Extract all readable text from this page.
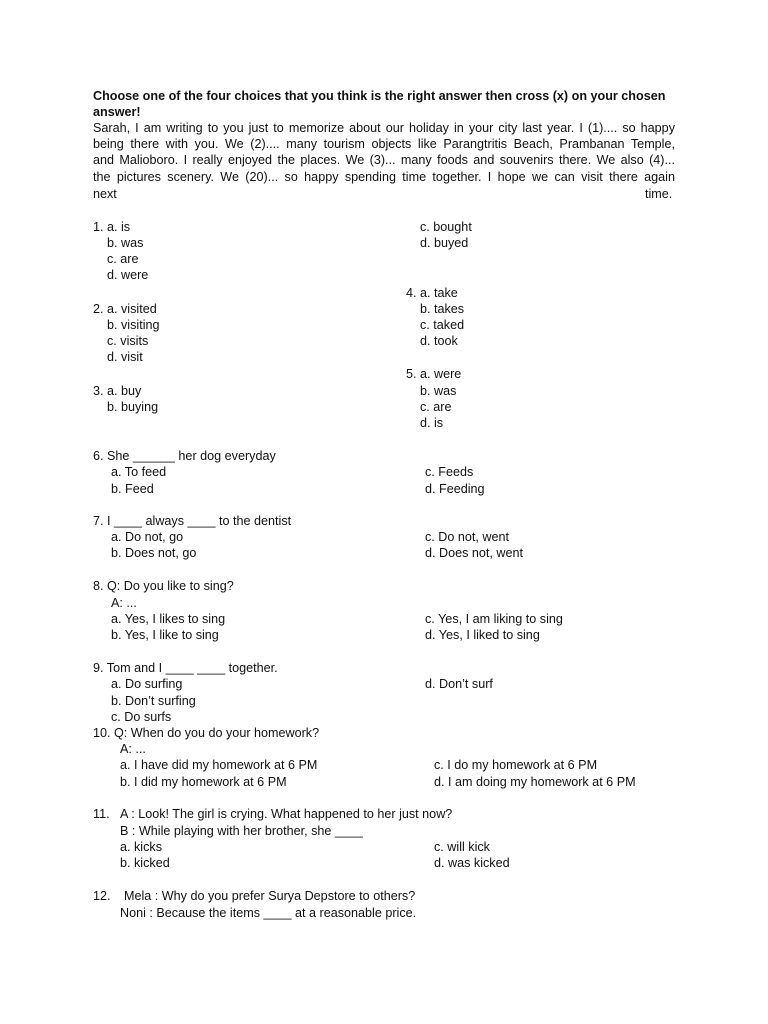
Choose one of the four choices that you think is the right answer then cross (x) on your chosen
answer!
Sarah, I am writing to you just to memorize about our holiday in your city last year. I (1).... so happy
being there with you. We (2).... many tourism objects like Parangtritis Beach, Prambanan Temple,
and Malioboro. I really enjoyed the places. We (3)... many foods and souvenirs there. We also (4)...
the pictures scenery. We (20)... so happy spending time together. I hope we can visit there again
next	time.
1. a. is
b. was
c. are
d. were
2. a. visited
b. visiting
c. visits
d. visit
3. a. buy
b. buying
c. bought
d. buyed
4. a. take
b. takes
c. taked
d. took
5. a. were
b. was
c. are
d. is
6. She ______ her dog everyday
a. To feed
b. Feed
c. Feeds
d. Feeding
7. I ____ always ____ to the dentist
a. Do not, go
b. Does not, go
c. Do not, went
d. Does not, went
8. Q: Do you like to sing?
A: ...
a. Yes, I likes to sing
b. Yes, I like to sing
c. Yes, I am liking to sing
d. Yes, I liked to sing
9. Tom and I ____ ____ together.
a. Do surfing
b. Don’t surfing
c. Do surfs
d. Don’t surf
10. Q: When do you do your homework?
A: ...
a. I have did my homework at 6 PM
b. I did my homework at 6 PM
c. I do my homework at 6 PM
d. I am doing my homework at 6 PM
11. A : Look! The girl is crying. What happened to her just now?
B : While playing with her brother, she ____
a. kicks
b. kicked
c. will kick
d. was kicked
12. Mela : Why do you prefer Surya Depstore to others?
Noni : Because the items ____ at a reasonable price.
